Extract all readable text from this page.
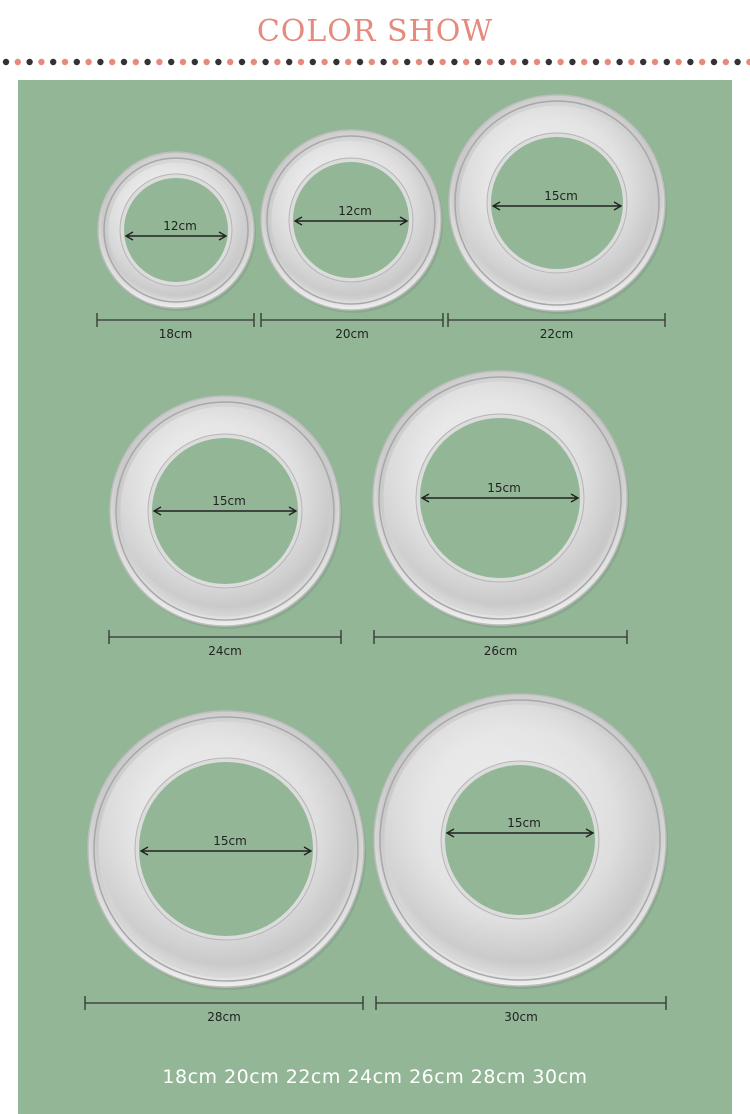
COLOR SHOW
12cm
18cm
12cm
20cm
15cm
22cm
15cm
24cm
15cm
26cm
15cm
28cm
15cm
30cm
18cm 20cm 22cm 24cm 26cm 28cm 30cm
